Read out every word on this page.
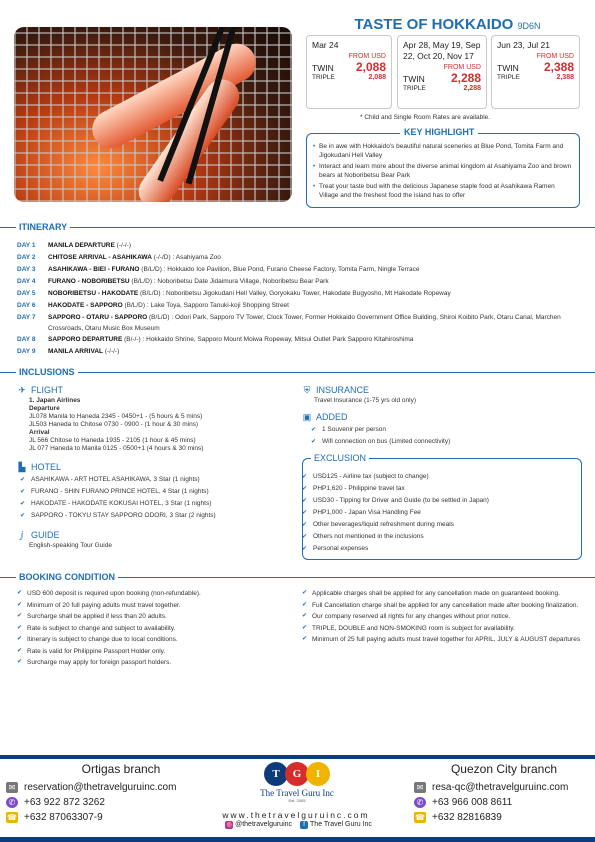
TASTE OF HOKKAIDO 9D6N
Mar 24
FROM USD
TWIN 2,088
TRIPLE	2,088
Apr 28, May 19, Sep 22, Oct 20, Nov 17
FROM USD
TWIN 2,288
TRIPLE	2,288
Jun 23, Jul 21
FROM USD
TWIN 2,388
TRIPLE	2,388
* Child and Single Room Rates are available.
• Be in awe with Hokkaido's beautiful natural sceneries at Blue Pond, Tomita Farm and Jigokudani Hell Valley
• Interact and learn more about the diverse animal kingdom at Asahiyama Zoo and brown bears at Noboribetsu Bear Park
• Treat your taste bud with the delicious Japanese staple food at Asahikawa Ramen Village and the freshest food the island has to offer
KEY HIGHLIGHT
ITINERARY
DAY 1	MANILA DEPARTURE (-/-/-)
DAY 2	CHITOSE ARRIVAL - ASAHIKAWA (-/-/D) : Asahiyama Zoo
DAY 3	ASAHIKAWA - BIEI - FURANO (B/L/D) : Hokkaido Ice Pavilion, Blue Pond, Furano Cheese Factory, Tomita Farm, Ningle Terrace
DAY 4	FURANO - NOBORIBETSU (B/L/D) : Noboribetsu Date Jidaimura Village, Noboribetsu Bear Park
DAY 5	NOBORIBETSU - HAKODATE (B/L/D) : Noboribetsu Jigokudani Hell Valley, Goryokaku Tower, Hakodate Bugyosho, Mt Hakodate Ropeway
DAY 6	HAKODATE - SAPPORO (B/L/D) : Lake Toya, Sapporo Tanuki-koji Shopping Street
DAY 7	SAPPORO - OTARU - SAPPORO (B/L/D) : Odori Park, Sapporo TV Tower, Clock Tower, Former Hokkaido Government Office Building, Shiroi Koibito Park, Otaru Canal, Marchen Crossroads, Otaru Music Box Museum
DAY 8	SAPPORO DEPARTURE (B/-/-) : Hokkaido Shrine, Sapporo Mount Moiwa Ropeway, Mitsui Outlet Park Sapporo Kitahiroshima
DAY 9	MANILA ARRIVAL (-/-/-)
INCLUSIONS
✈ FLIGHT
1. Japan Airlines
Departure
JL078 Manila to Haneda 2345 - 0450+1 - (5 hours & 5 mins)
JL503 Haneda to Chitose 0730 - 0900 - (1 hour & 30 mins)
Arrival
JL 566 Chitose to Haneda 1935 - 2105 (1 hour & 45 mins)
JL 077 Haneda to Manila 0125 - 0500+1 (4 hours & 30 mins)
▙ HOTEL
✔ ASAHIKAWA - ART HOTEL ASAHIKAWA, 3 Star (1 nights)
✔ FURANO - SHIN FURANO PRINCE HOTEL, 4 Star (1 nights)
✔ HAKODATE - HAKODATE KOKUSAI HOTEL, 3 Star (1 nights)
✔ SAPPORO - TOKYU STAY SAPPORO ODORI, 3 Star (2 nights)
ⅉ GUIDE
English-speaking Tour Guide
⛨ INSURANCE
Travel Insurance (1-75 yrs old only)
▣ ADDED
✔ 1 Souvenir per person
✔ Wifi connection on bus (Limited connectivity)
EXCLUSION
✔ USD125 - Airline tax (subject to change)
✔ PHP1,620 - Philippine travel tax
✔ USD30 - Tipping for Driver and Guide (to be settled in Japan)
✔ PHP1,000 - Japan Visa Handling Fee
✔ Other beverages/liquid refreshment during meals
✔ Others not mentioned in the inclusions
✔ Personal expenses
BOOKING CONDITION
✔ USD 600 deposit is required upon booking (non-refundable).
✔ Minimum of 20 full paying adults must travel together.
✔ Surcharge shall be applied if less than 20 adults.
✔ Rate is subject to change and subject to availability.
✔ Itinerary is subject to change due to local conditions.
✔ Rate is valid for Philippine Passport Holder only.
✔ Surcharge may apply for foreign passport holders.
✔ Applicable charges shall be applied for any cancellation made on guaranteed booking.
✔ Full Cancellation charge shall be applied for any cancellation made after booking finalization.
✔ Our company reserved all rights for any changes without prior notice.
✔ TRIPLE, DOUBLE and NON-SMOKING room is subject for availability.
✔ Minimum of 25 full paying adults must travel together for APRIL, JULY & AUGUST departures
Ortigas branch
✉ reservation@thetravelguruinc.com
✆ +63 922 872 3262
☎ +632 87063307-9
T	G	I
The Travel Guru Inc
Est. 2005
www.thetravelguruinc.com
◎ @thetravelguruinc	f The Travel Guru Inc
Quezon City branch
✉ resa-qc@thetravelguruinc.com
✆ +63 966 008 8611
☎ +632 82816839
